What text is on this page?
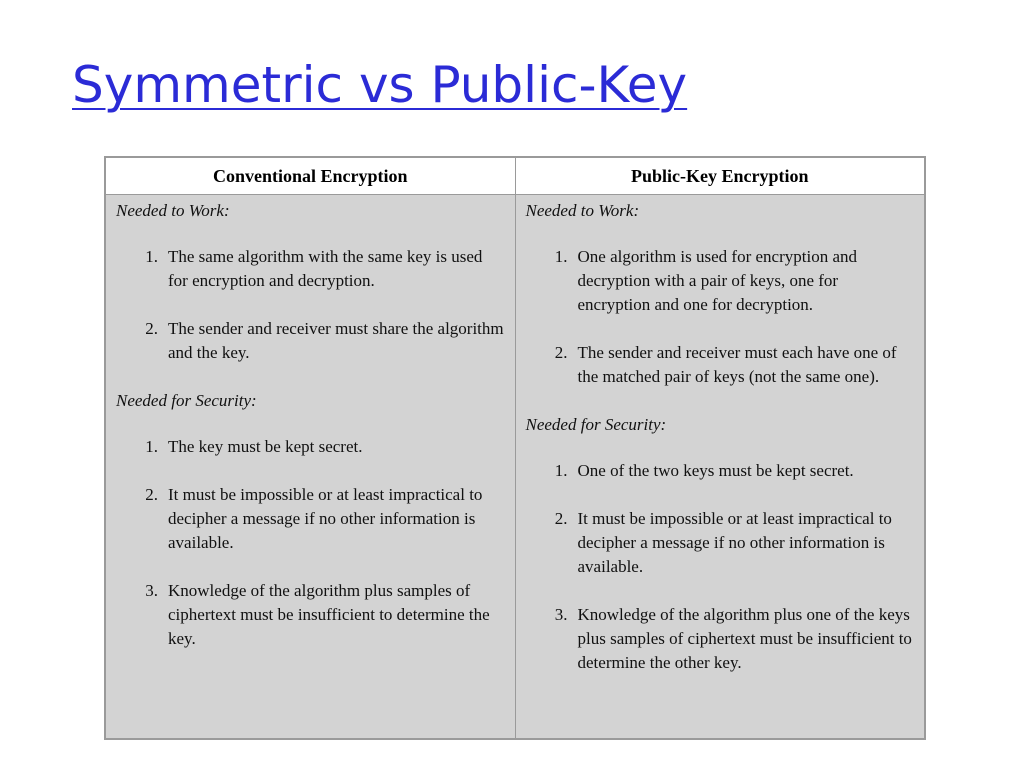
Symmetric vs Public-Key
Conventional Encryption	Public-Key Encryption

Needed to Work:

1. The same algorithm with the same key is used for encryption and decryption.
2. The sender and receiver must share the algorithm and the key.

Needed for Security:

1. The key must be kept secret.
2. It must be impossible or at least impractical to decipher a message if no other information is available.
3. Knowledge of the algorithm plus samples of ciphertext must be insufficient to determine the key.

Needed to Work:

1. One algorithm is used for encryption and decryption with a pair of keys, one for encryption and one for decryption.
2. The sender and receiver must each have one of the matched pair of keys (not the same one).

Needed for Security:

1. One of the two keys must be kept secret.
2. It must be impossible or at least impractical to decipher a message if no other information is available.
3. Knowledge of the algorithm plus one of the keys plus samples of ciphertext must be insufficient to determine the other key.
